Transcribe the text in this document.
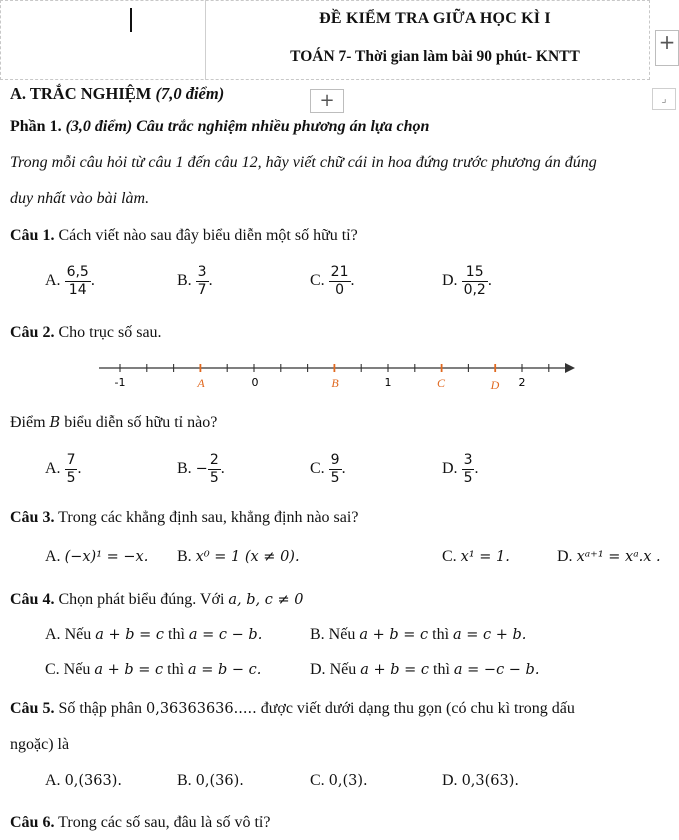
ĐỀ KIỂM TRA GIỮA HỌC KÌ I
TOÁN 7- Thời gian làm bài 90 phút- KNTT
+
A. TRẮC NGHIỆM (7,0 điểm)	+	⌟
Phần 1. (3,0 điểm) Câu trắc nghiệm nhiều phương án lựa chọn
Trong mỗi câu hỏi từ câu 1 đến câu 12, hãy viết chữ cái in hoa đứng trước phương án đúng
duy nhất vào bài làm.
Câu 1. Cách viết nào sau đây biểu diễn một số hữu tỉ?
A. $\frac{6,5}{14}$ .	B. $\frac{3}{7}$ .	C. $\frac{21}{0}$ .	D. $\frac{15}{0,2}$ .
Câu 2. Cho trục số sau.
-1	0	1	2
A	B	C	D
Điểm B biểu diễn số hữu tỉ nào?
A. $\frac{7}{5}$ .	B. − $\frac{2}{5}$ .	C. $\frac{9}{5}$ .	D. $\frac{3}{5}$ .
Câu 3. Trong các khẳng định sau, khẳng định nào sai?
A. (−x)¹ = −x. B. x⁰ = 1 (x ≠ 0).	C. x¹ = 1.	D. xᵃ⁺¹ = xᵃ.x .
Câu 4. Chọn phát biểu đúng. Với a, b, c ≠ 0
A. Nếu a + b = c thì a = c − b.	B. Nếu a + b = c thì a = c + b.
C. Nếu a + b = c thì a = b − c.	D. Nếu a + b = c thì a = −c − b.
Câu 5. Số thập phân 0,36363636..... được viết dưới dạng thu gọn (có chu kì trong dấu
ngoặc) là
A. 0,(363).	B. 0,(36).	C. 0,(3).	D. 0,3(63).
Câu 6. Trong các số sau, đâu là số vô tỉ?
